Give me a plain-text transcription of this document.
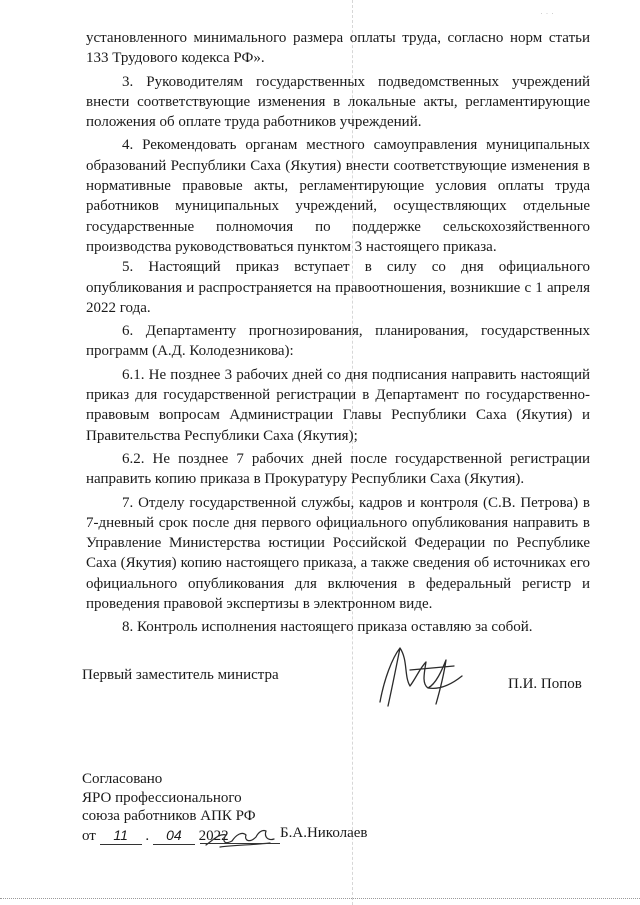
· · ·

установленного минимального размера оплаты труда, согласно норм статьи 133 Трудового кодекса РФ».

3. Руководителям государственных подведомственных учреждений внести соответствующие изменения в локальные акты, регламентирующие положения об оплате труда работников учреждений.

4. Рекомендовать органам местного самоуправления муниципальных образований Республики Саха (Якутия) внести соответствующие изменения в нормативные правовые акты, регламентирующие условия оплаты труда работников муниципальных учреждений, осуществляющих отдельные государственные полномочия по поддержке сельскохозяйственного производства руководствоваться пунктом 3 настоящего приказа.

5. Настоящий приказ вступает в силу со дня официального опубликования и распространяется на правоотношения, возникшие с 1 апреля 2022 года.

6. Департаменту прогнозирования, планирования, государственных программ (А.Д. Колодезникова):

6.1. Не позднее 3 рабочих дней со дня подписания направить настоящий приказ для государственной регистрации в Департамент по государственно-правовым вопросам Администрации Главы Республики Саха (Якутия) и Правительства Республики Саха (Якутия);

6.2. Не позднее 7 рабочих дней после государственной регистрации направить копию приказа в Прокуратуру Республики Саха (Якутия).

7. Отделу государственной службы, кадров и контроля (С.В. Петрова) в 7-дневный срок после дня первого официального опубликования направить в Управление Министерства юстиции Российской Федерации по Республике Саха (Якутия) копию настоящего приказа, а также сведения об источниках его официального опубликования для включения в федеральный регистр и проведения правовой экспертизы в электронном виде.

8. Контроль исполнения настоящего приказа оставляю за собой.

Первый заместитель министра
П.И. Попов
Согласовано
ЯРО профессионального
союза работников АПК РФ
от 11 . 04 2022	Б.А.Николаев
